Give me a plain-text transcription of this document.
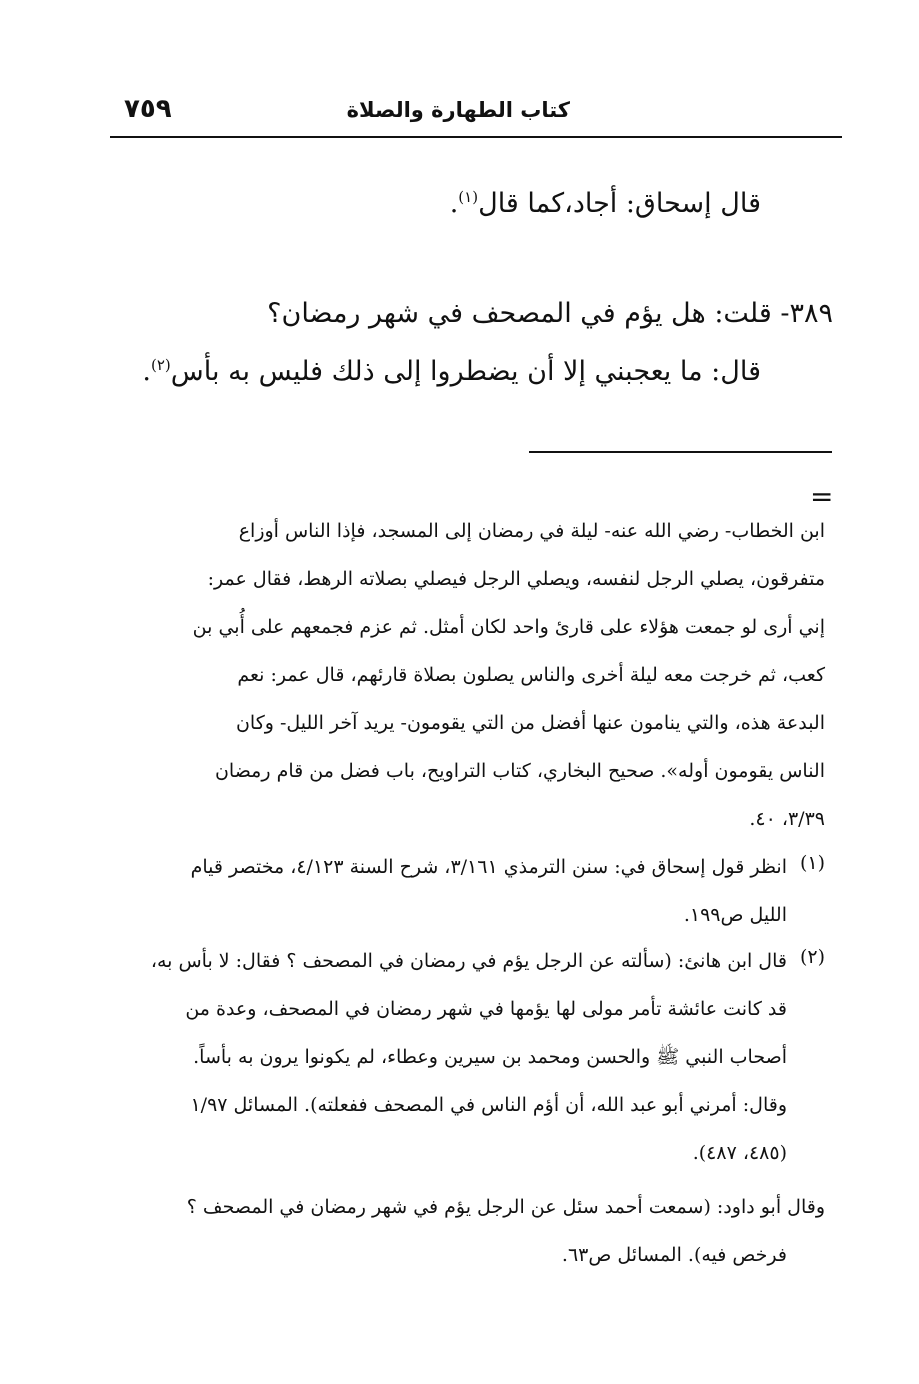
٧٥٩	كتاب الطهارة والصلاة
قال إسحاق: أجاد،كما قال$^{(١)}$.
٣٨٩- قلت: هل يؤم في المصحف في شهر رمضان؟
قال: ما يعجبني إلا أن يضطروا إلى ذلك فليس به بأس$^{(٢)}$.
=
ابن الخطاب- رضي الله عنه- ليلة في رمضان إلى المسجد، فإذا الناس أوزاع
متفرقون، يصلي الرجل لنفسه، ويصلي الرجل فيصلي بصلاته الرهط، فقال عمر:
إني أرى لو جمعت هؤلاء على قارئ واحد لكان أمثل. ثم عزم فجمعهم على أُبي بن
كعب، ثم خرجت معه ليلة أخرى والناس يصلون بصلاة قارئهم، قال عمر: نعم
البدعة هذه، والتي ينامون عنها أفضل من التي يقومون- يريد آخر الليل- وكان
الناس يقومون أوله». صحيح البخاري، كتاب التراويح، باب فضل من قام رمضان
٣/٣٩، ٤٠.
(١)
انظر قول إسحاق في: سنن الترمذي ٣/١٦١، شرح السنة ٤/١٢٣، مختصر قيام
الليل ص١٩٩.
(٢)
قال ابن هانئ: (سألته عن الرجل يؤم في رمضان في المصحف ؟ فقال: لا بأس به،
قد كانت عائشة تأمر مولى لها يؤمها في شهر رمضان في المصحف، وعدة من
أصحاب النبي ﷺ والحسن ومحمد بن سيرين وعطاء، لم يكونوا يرون به بأساً.
وقال: أمرني أبو عبد الله، أن أؤم الناس في المصحف ففعلته). المسائل ١/٩٧
(٤٨٥، ٤٨٧).
وقال أبو داود: (سمعت أحمد سئل عن الرجل يؤم في شهر رمضان في المصحف ؟
فرخص فيه). المسائل ص٦٣.
